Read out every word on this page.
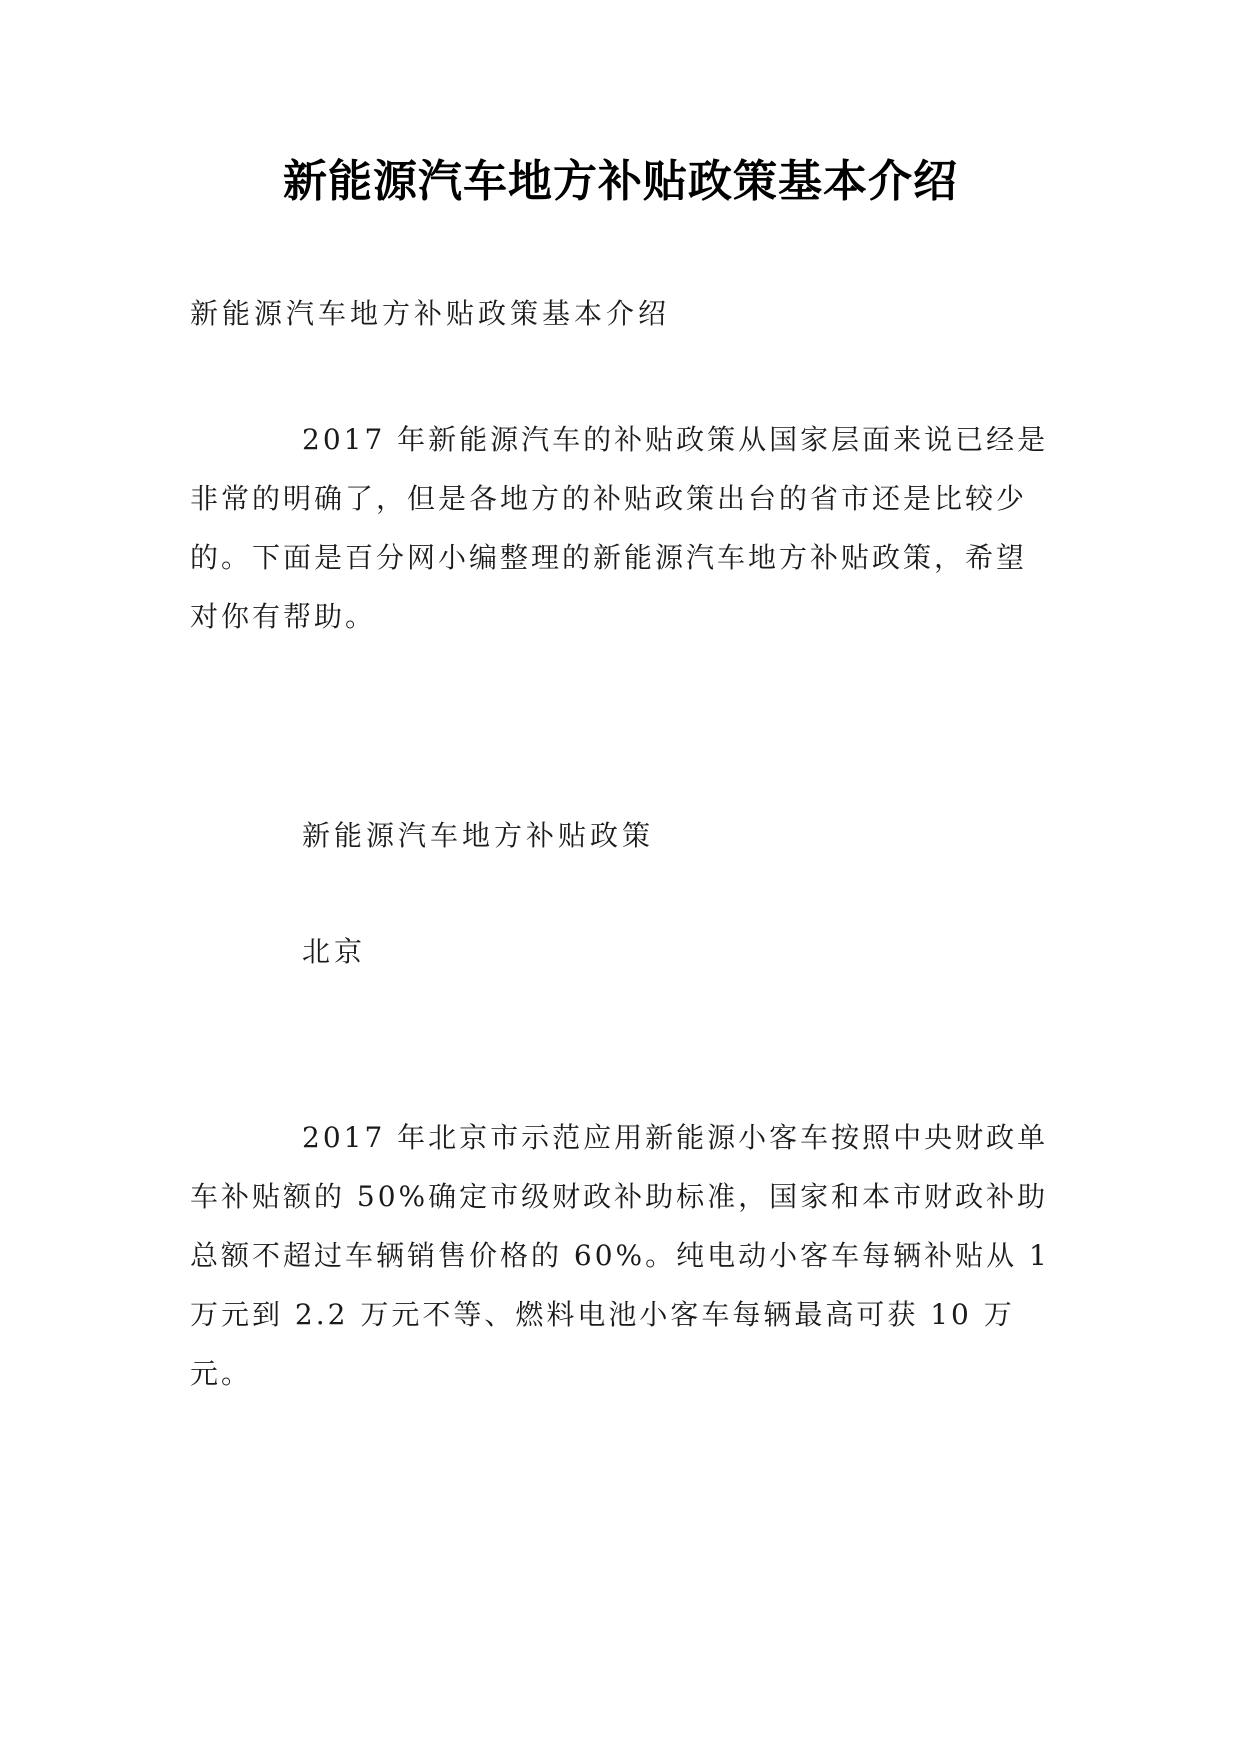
新能源汽车地方补贴政策基本介绍
新能源汽车地方补贴政策基本介绍

2017 年新能源汽车的补贴政策从国家层面来说已经是非常的明确了，但是各地方的补贴政策出台的省市还是比较少的。下面是百分网小编整理的新能源汽车地方补贴政策，希望对你有帮助。

新能源汽车地方补贴政策
北京

2017 年北京市示范应用新能源小客车按照中央财政单车补贴额的 50%确定市级财政补助标准，国家和本市财政补助总额不超过车辆销售价格的 60%。纯电动小客车每辆补贴从 1 万元到 2.2 万元不等、燃料电池小客车每辆最高可获 10 万元。
